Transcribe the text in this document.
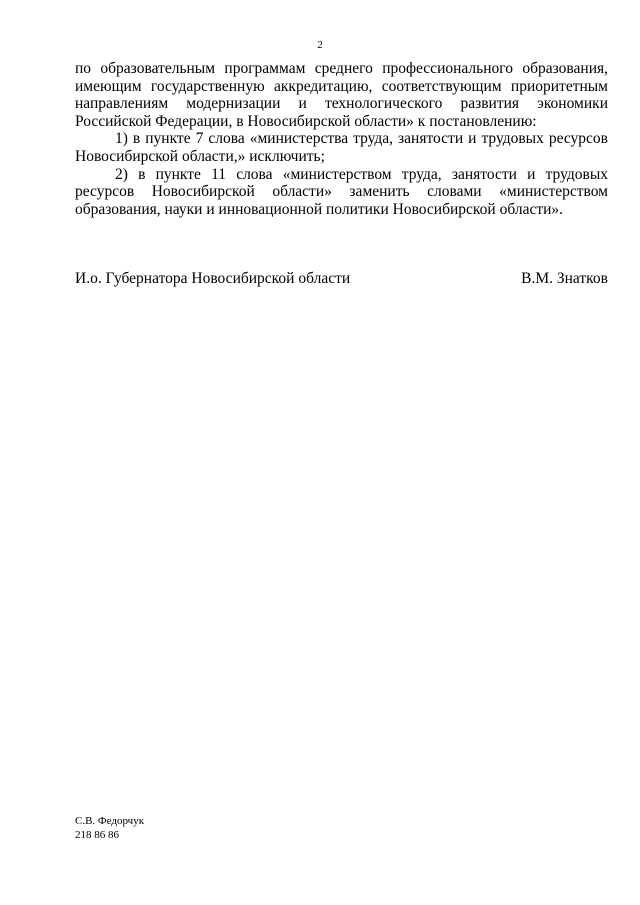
2

по образовательным программам среднего профессионального образования, имеющим государственную аккредитацию, соответствующим приоритетным направлениям модернизации и технологического развития экономики Российской Федерации, в Новосибирской области» к постановлению:

1) в пункте 7 слова «министерства труда, занятости и трудовых ресурсов Новосибирской области,» исключить;

2) в пункте 11 слова «министерством труда, занятости и трудовых ресурсов Новосибирской области» заменить словами «министерством образования, науки и инновационной политики Новосибирской области».

И.о. Губернатора Новосибирской области	В.М. Знатков
С.В. Федорчук
218 86 86
